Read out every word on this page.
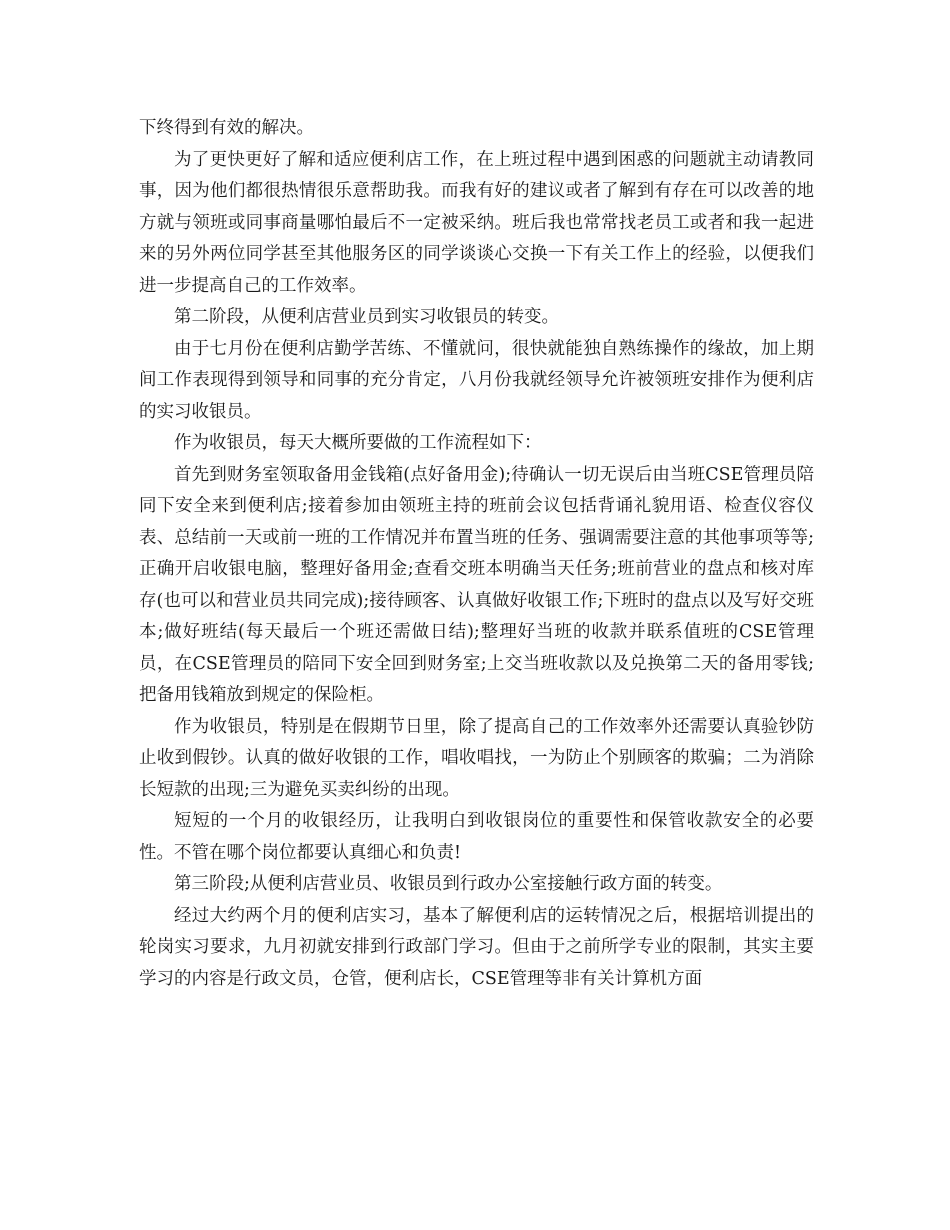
下终得到有效的解决。

为了更快更好了解和适应便利店工作，在上班过程中遇到困惑的问题就主动请教同事，因为他们都很热情很乐意帮助我。而我有好的建议或者了解到有存在可以改善的地方就与领班或同事商量哪怕最后不一定被采纳。班后我也常常找老员工或者和我一起进来的另外两位同学甚至其他服务区的同学谈谈心交换一下有关工作上的经验，以便我们进一步提高自己的工作效率。

第二阶段，从便利店营业员到实习收银员的转变。

由于七月份在便利店勤学苦练、不懂就问，很快就能独自熟练操作的缘故，加上期间工作表现得到领导和同事的充分肯定，八月份我就经领导允许被领班安排作为便利店的实习收银员。

作为收银员，每天大概所要做的工作流程如下：

首先到财务室领取备用金钱箱(点好备用金);待确认一切无误后由当班CSE管理员陪同下安全来到便利店;接着参加由领班主持的班前会议包括背诵礼貌用语、检查仪容仪表、总结前一天或前一班的工作情况并布置当班的任务、强调需要注意的其他事项等等;正确开启收银电脑，整理好备用金;查看交班本明确当天任务;班前营业的盘点和核对库存(也可以和营业员共同完成);接待顾客、认真做好收银工作;下班时的盘点以及写好交班本;做好班结(每天最后一个班还需做日结);整理好当班的收款并联系值班的CSE管理员，在CSE管理员的陪同下安全回到财务室;上交当班收款以及兑换第二天的备用零钱;把备用钱箱放到规定的保险柜。

作为收银员，特别是在假期节日里，除了提高自己的工作效率外还需要认真验钞防止收到假钞。认真的做好收银的工作，唱收唱找，一为防止个别顾客的欺骗；二为消除长短款的出现;三为避免买卖纠纷的出现。

短短的一个月的收银经历，让我明白到收银岗位的重要性和保管收款安全的必要性。不管在哪个岗位都要认真细心和负责!

第三阶段;从便利店营业员、收银员到行政办公室接触行政方面的转变。

经过大约两个月的便利店实习，基本了解便利店的运转情况之后，根据培训提出的轮岗实习要求，九月初就安排到行政部门学习。但由于之前所学专业的限制，其实主要学习的内容是行政文员，仓管，便利店长，CSE管理等非有关计算机方面
